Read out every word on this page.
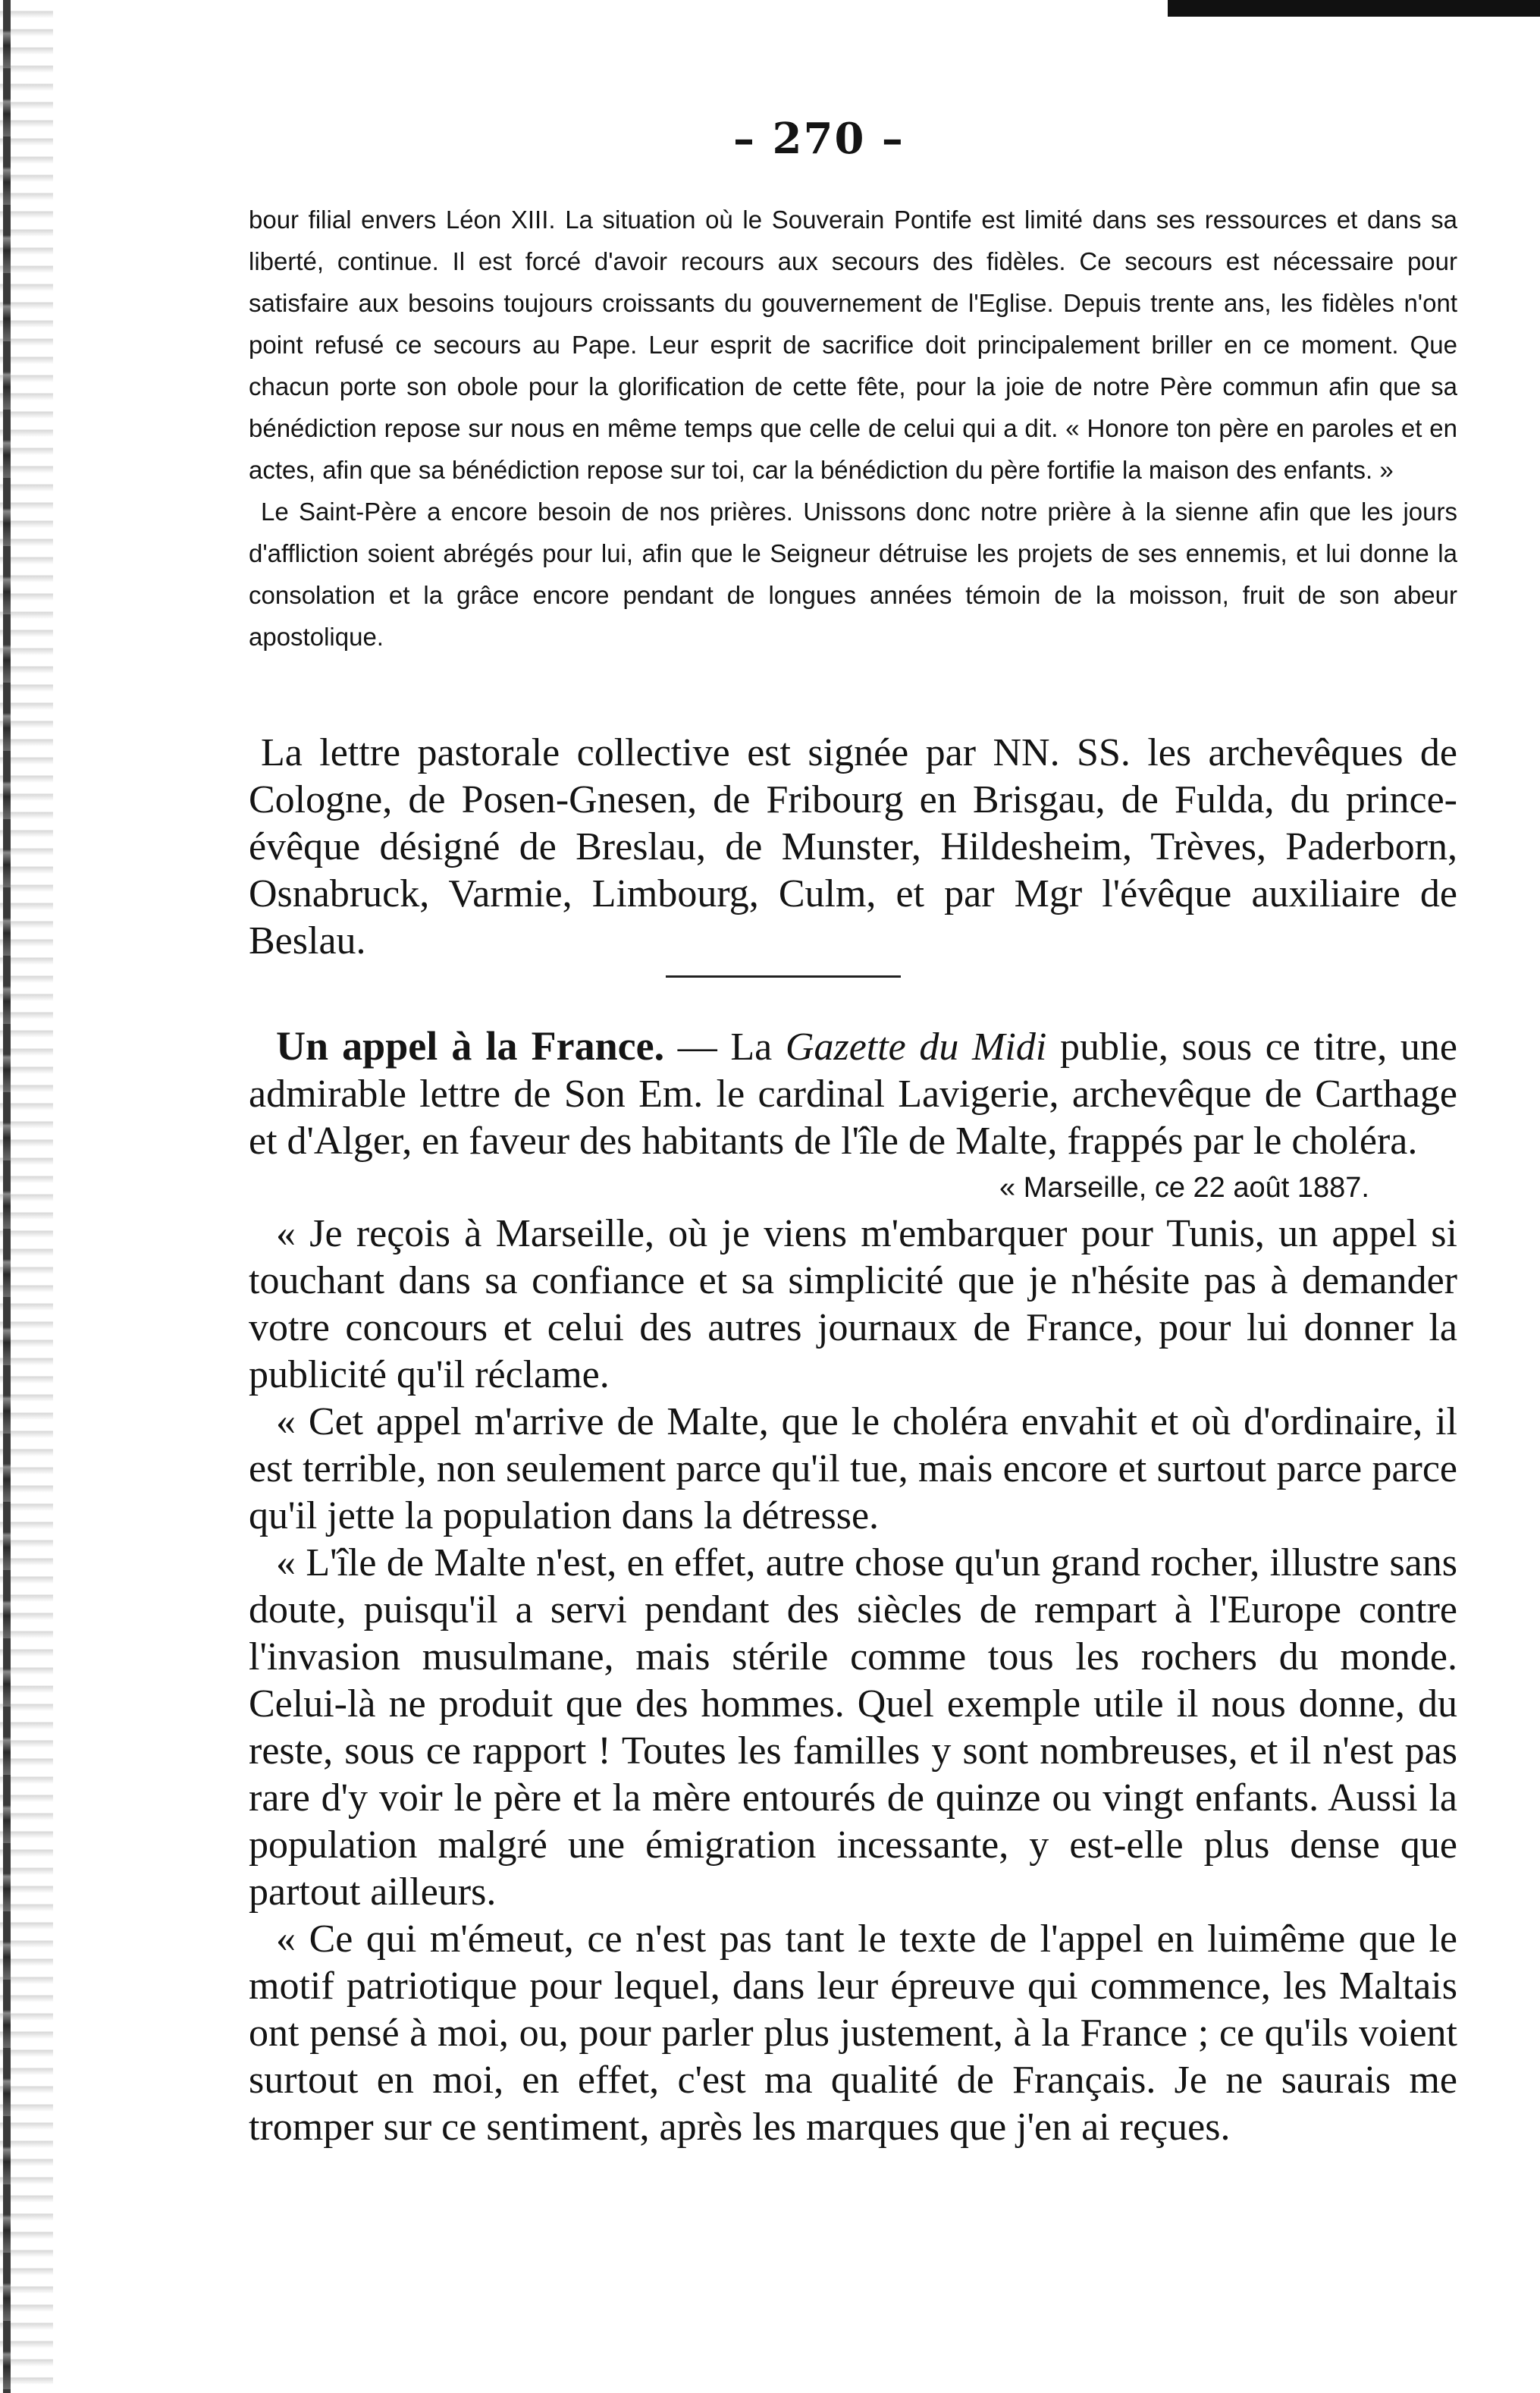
– 270 –

bour filial envers Léon XIII. La situation où le Souverain Pontife est limité dans ses ressources et dans sa liberté, continue. Il est forcé d'avoir recours aux secours des fidèles. Ce secours est nécessaire pour satisfaire aux besoins toujours croissants du gouvernement de l'Eglise. Depuis trente ans, les fidèles n'ont point refusé ce secours au Pape. Leur esprit de sacrifice doit principalement briller en ce moment. Que chacun porte son obole pour la glorification de cette fête, pour la joie de notre Père commun afin que sa bénédiction repose sur nous en même temps que celle de celui qui a dit. « Honore ton père en paroles et en actes, afin que sa bénédiction repose sur toi, car la bénédiction du père fortifie la maison des enfants. »

Le Saint-Père a encore besoin de nos prières. Unissons donc notre prière à la sienne afin que les jours d'affliction soient abrégés pour lui, afin que le Seigneur détruise les projets de ses ennemis, et lui donne la consolation et la grâce encore pendant de longues années témoin de la moisson, fruit de son abeur apostolique.

La lettre pastorale collective est signée par NN. SS. les archevêques de Cologne, de Posen-Gnesen, de Fribourg en Brisgau, de Fulda, du prince-évêque désigné de Breslau, de Munster, Hildesheim, Trèves, Paderborn, Osnabruck, Varmie, Limbourg, Culm, et par Mgr l'évêque auxiliaire de Beslau.

Un appel à la France. — La Gazette du Midi publie, sous ce titre, une admirable lettre de Son Em. le cardinal Lavigerie, archevêque de Carthage et d'Alger, en faveur des habitants de l'île de Malte, frappés par le choléra.

« Marseille, ce 22 août 1887.

« Je reçois à Marseille, où je viens m'embarquer pour Tunis, un appel si touchant dans sa confiance et sa simplicité que je n'hésite pas à demander votre concours et celui des autres journaux de France, pour lui donner la publicité qu'il réclame.

« Cet appel m'arrive de Malte, que le choléra envahit et où d'ordinaire, il est terrible, non seulement parce qu'il tue, mais encore et surtout parce parce qu'il jette la population dans la détresse.

« L'île de Malte n'est, en effet, autre chose qu'un grand rocher, illustre sans doute, puisqu'il a servi pendant des siècles de rempart à l'Europe contre l'invasion musulmane, mais stérile comme tous les rochers du monde. Celui-là ne produit que des hommes. Quel exemple utile il nous donne, du reste, sous ce rapport ! Toutes les familles y sont nombreuses, et il n'est pas rare d'y voir le père et la mère entourés de quinze ou vingt enfants. Aussi la population malgré une émigration incessante, y est-elle plus dense que partout ailleurs.

« Ce qui m'émeut, ce n'est pas tant le texte de l'appel en luimême que le motif patriotique pour lequel, dans leur épreuve qui commence, les Maltais ont pensé à moi, ou, pour parler plus justement, à la France ; ce qu'ils voient surtout en moi, en effet, c'est ma qualité de Français. Je ne saurais me tromper sur ce sentiment, après les marques que j'en ai reçues.
